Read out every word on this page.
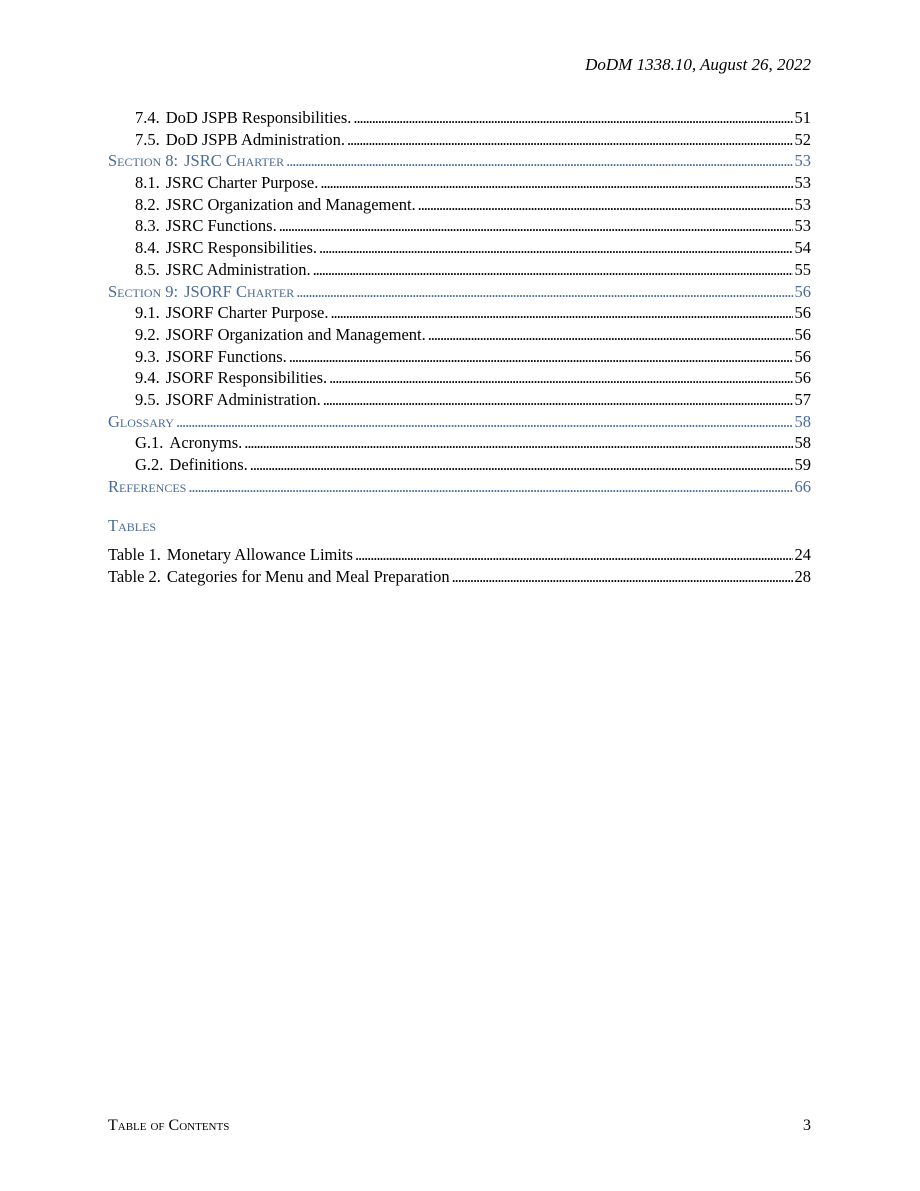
DoDM 1338.10, August 26, 2022
7.4. DoD JSPB Responsibilities. . . .	51
7.5. DoD JSPB Administration. . . .	52
Section 8: JSRC Charter . . .	53
8.1. JSRC Charter Purpose. . . .	53
8.2. JSRC Organization and Management. . . .	53
8.3. JSRC Functions. . . .	53
8.4. JSRC Responsibilities. . . .	54
8.5. JSRC Administration. . . .	55
Section 9: JSORF Charter . . .	56
9.1. JSORF Charter Purpose. . . .	56
9.2. JSORF Organization and Management. . . .	56
9.3. JSORF Functions. . . .	56
9.4. JSORF Responsibilities. . . .	56
9.5. JSORF Administration. . . .	57
Glossary . . .	58
G.1. Acronyms. . . .	58
G.2. Definitions. . . .	59
References . . .	66
Tables
Table 1. Monetary Allowance Limits . . .	24
Table 2. Categories for Menu and Meal Preparation . . .	28
Table of Contents	3
